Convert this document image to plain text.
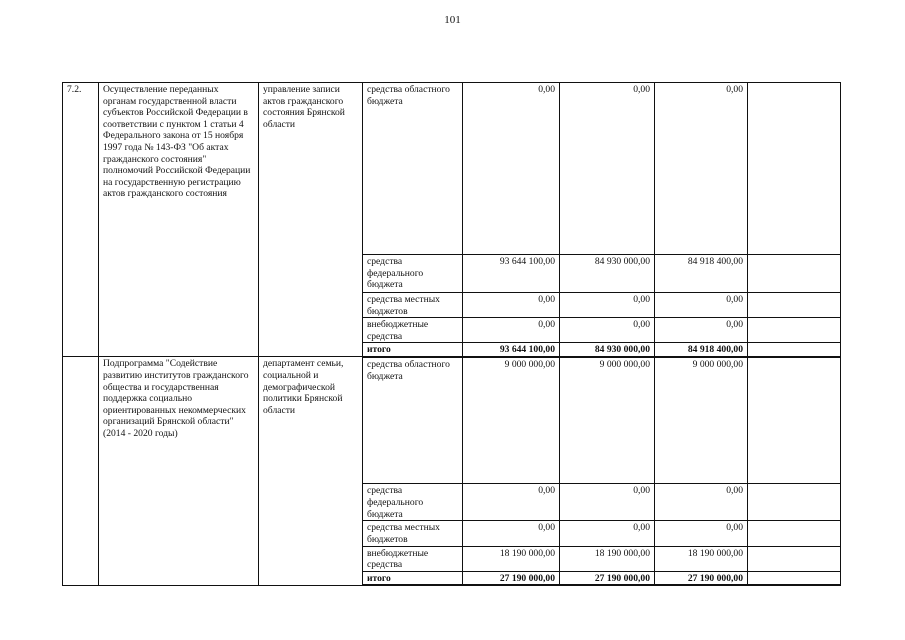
101
7.2.	Осуществление переданных органам государственной власти субъектов Российской Федерации в соответствии с пунктом 1 статьи 4 Федерального закона от 15 ноября 1997 года № 143-ФЗ "Об актах гражданского состояния" полномочий Российской Федерации на государственную регистрацию актов гражданского состояния	управление записи актов гражданского состояния Брянской области	средства областного бюджета	0,00	0,00	0,00	
			средства федерального бюджета	93 644 100,00	84 930 000,00	84 918 400,00	
			средства местных бюджетов	0,00	0,00	0,00	
			внебюджетные средства	0,00	0,00	0,00	
			итого	93 644 100,00	84 930 000,00	84 918 400,00	

	Подпрограмма "Содействие развитию институтов гражданского общества и государственная поддержка социально ориентированных некоммерческих организаций Брянской области" (2014 - 2020 годы)	департамент семьи, социальной и демографической политики Брянской области	средства областного бюджета	9 000 000,00	9 000 000,00	9 000 000,00	
			средства федерального бюджета	0,00	0,00	0,00	
			средства местных бюджетов	0,00	0,00	0,00	
			внебюджетные средства	18 190 000,00	18 190 000,00	18 190 000,00	
			итого	27 190 000,00	27 190 000,00	27 190 000,00	
